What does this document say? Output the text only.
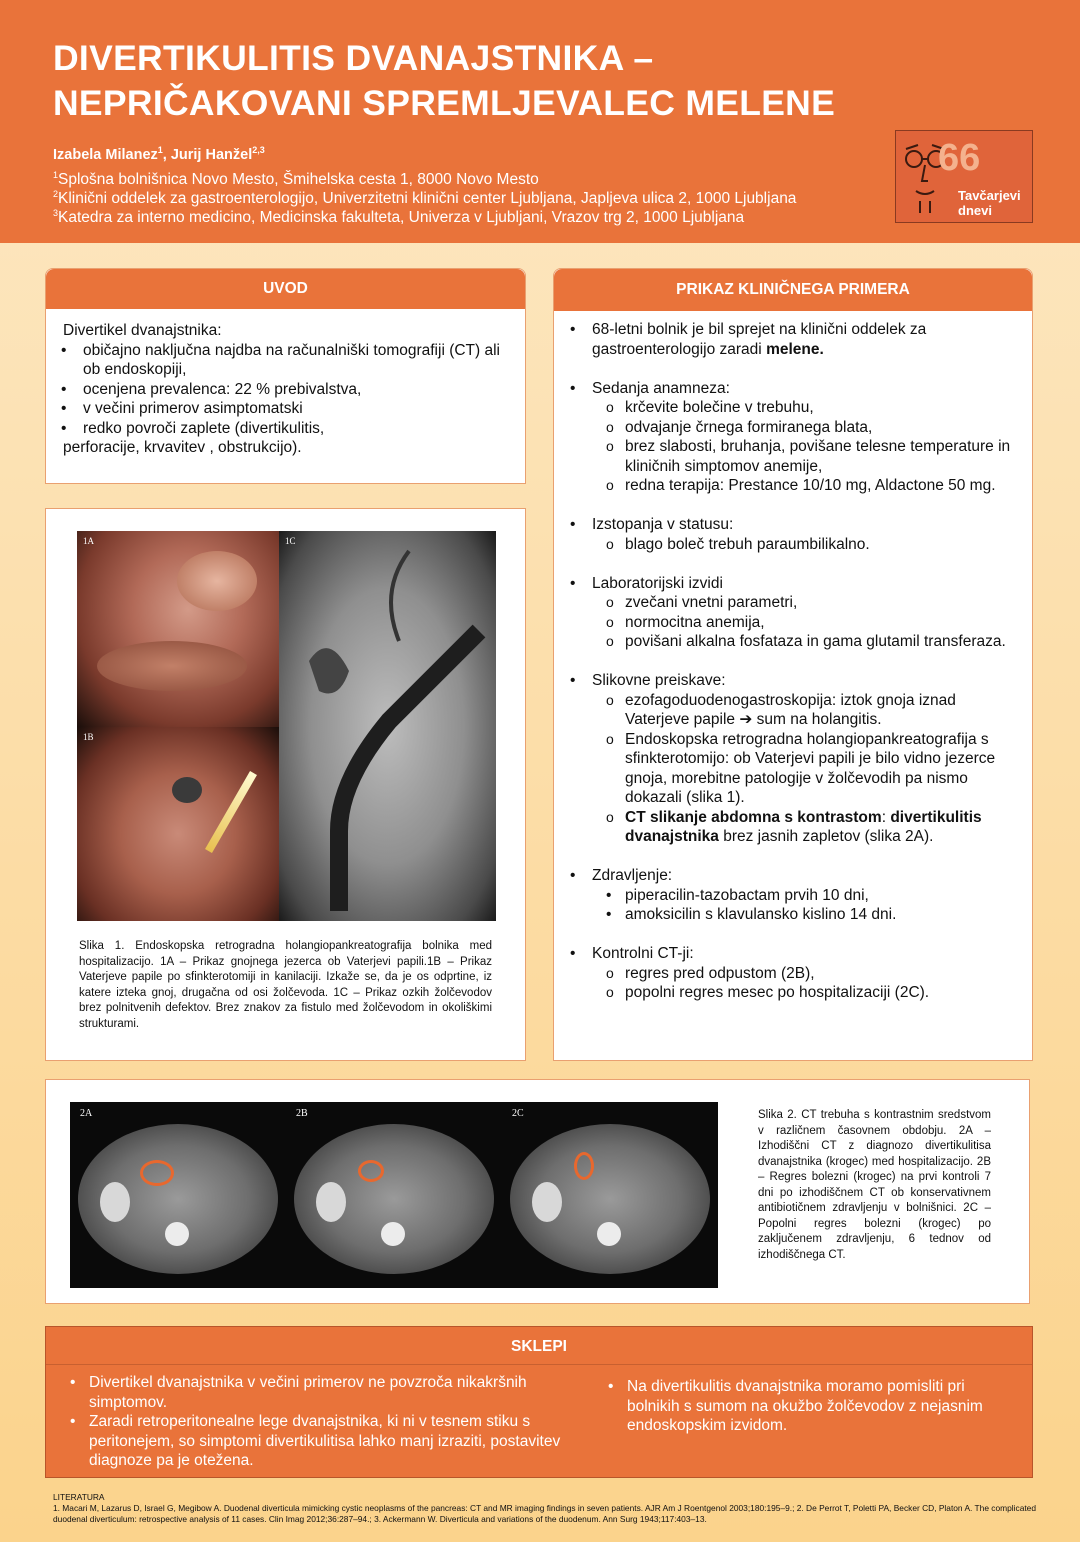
DIVERTIKULITIS DVANAJSTNIKA –
NEPRIČAKOVANI SPREMLJEVALEC MELENE
Izabela Milanez$^1$, Jurij Hanžel$^{2,3}$
$^1$Splošna bolnišnica Novo Mesto, Šmihelska cesta 1, 8000 Novo Mesto
$^2$Klinični oddelek za gastroenterologijo, Univerzitetni klinični center Ljubljana, Japljeva ulica 2, 1000 Ljubljana
$^3$Katedra za interno medicino, Medicinska fakulteta, Univerza v Ljubljani, Vrazov trg 2, 1000 Ljubljana
66
Tavčarjevi
dnevi
UVOD
Divertikel dvanajstnika:
• običajno naključna najdba na računalniški tomografiji (CT) ali ob endoskopiji,
• ocenjena prevalenca: 22 % prebivalstva,
• v večini primerov asimptomatski
• redko povroči zaplete (divertikulitis,
perforacije, krvavitev , obstrukcijo).
1A
1B
1C
Slika 1. Endoskopska retrogradna holangiopankreatografija bolnika med hospitalizacijo. 1A – Prikaz gnojnega jezerca ob Vaterjevi papili.1B – Prikaz Vaterjeve papile po sfinkterotomiji in kanilaciji. Izkaže se, da je os odprtine, iz katere izteka gnoj, drugačna od osi žolčevoda. 1C – Prikaz ozkih žolčevodov brez polnitvenih defektov. Brez znakov za fistulo med žolčevodom in okoliškimi strukturami.
PRIKAZ KLINIČNEGA PRIMERA
• 68-letni bolnik je bil sprejet na klinični oddelek za gastroenterologijo zaradi melene.
• Sedanja anamneza:
o krčevite bolečine v trebuhu,
o odvajanje črnega formiranega blata,
o brez slabosti, bruhanja, povišane telesne temperature in kliničnih simptomov anemije,
o redna terapija: Prestance 10/10 mg, Aldactone 50 mg.
• Izstopanja v statusu:
o blago boleč trebuh paraumbilikalno.
• Laboratorijski izvidi
o zvečani vnetni parametri,
o normocitna anemija,
o povišani alkalna fosfataza in gama glutamil transferaza.
• Slikovne preiskave:
o ezofagoduodenogastroskopija: iztok gnoja iznad Vaterjeve papile ➔ sum na holangitis.
o Endoskopska retrogradna holangiopankreatografija s sfinkterotomijo: ob Vaterjevi papili je bilo vidno jezerce gnoja, morebitne patologije v žolčevodih pa nismo dokazali (slika 1).
o CT slikanje abdomna s kontrastom: divertikulitis dvanajstnika brez jasnih zapletov (slika 2A).
• Zdravljenje:
• piperacilin-tazobactam prvih 10 dni,
• amoksicilin s klavulansko kislino 14 dni.
• Kontrolni CT-ji:
o regres pred odpustom (2B),
o popolni regres mesec po hospitalizaciji (2C).
2A	2B	2C	Slika 2. CT trebuha s kontrastnim sredstvom v različnem časovnem obdobju. 2A – Izhodiščni CT z diagnozo divertikulitisa dvanajstnika (krogec) med hospitalizacijo. 2B – Regres bolezni (krogec) na prvi kontroli 7 dni po izhodiščnem CT ob konservativnem antibiotičnem zdravljenju v bolnišnici. 2C – Popolni regres bolezni (krogec) po zaključenem zdravljenju, 6 tednov od izhodiščnega CT.
SKLEPI
• Divertikel dvanajstnika v večini primerov ne povzroča nikakršnih simptomov.
• Zaradi retroperitonealne lege dvanajstnika, ki ni v tesnem stiku s peritonejem, so simptomi divertikulitisa lahko manj izraziti, postavitev diagnoze pa je otežena.
• Na divertikulitis dvanajstnika moramo pomisliti pri bolnikih s sumom na okužbo žolčevodov z nejasnim endoskopskim izvidom.
LITERATURA
1. Macari M, Lazarus D, Israel G, Megibow A. Duodenal diverticula mimicking cystic neoplasms of the pancreas: CT and MR imaging findings in seven patients. AJR Am J Roentgenol 2003;180:195–9.; 2. De Perrot T, Poletti PA, Becker CD, Platon A. The complicated duodenal diverticulum: retrospective analysis of 11 cases. Clin Imag 2012;36:287–94.; 3. Ackermann W. Diverticula and variations of the duodenum. Ann Surg 1943;117:403–13.
